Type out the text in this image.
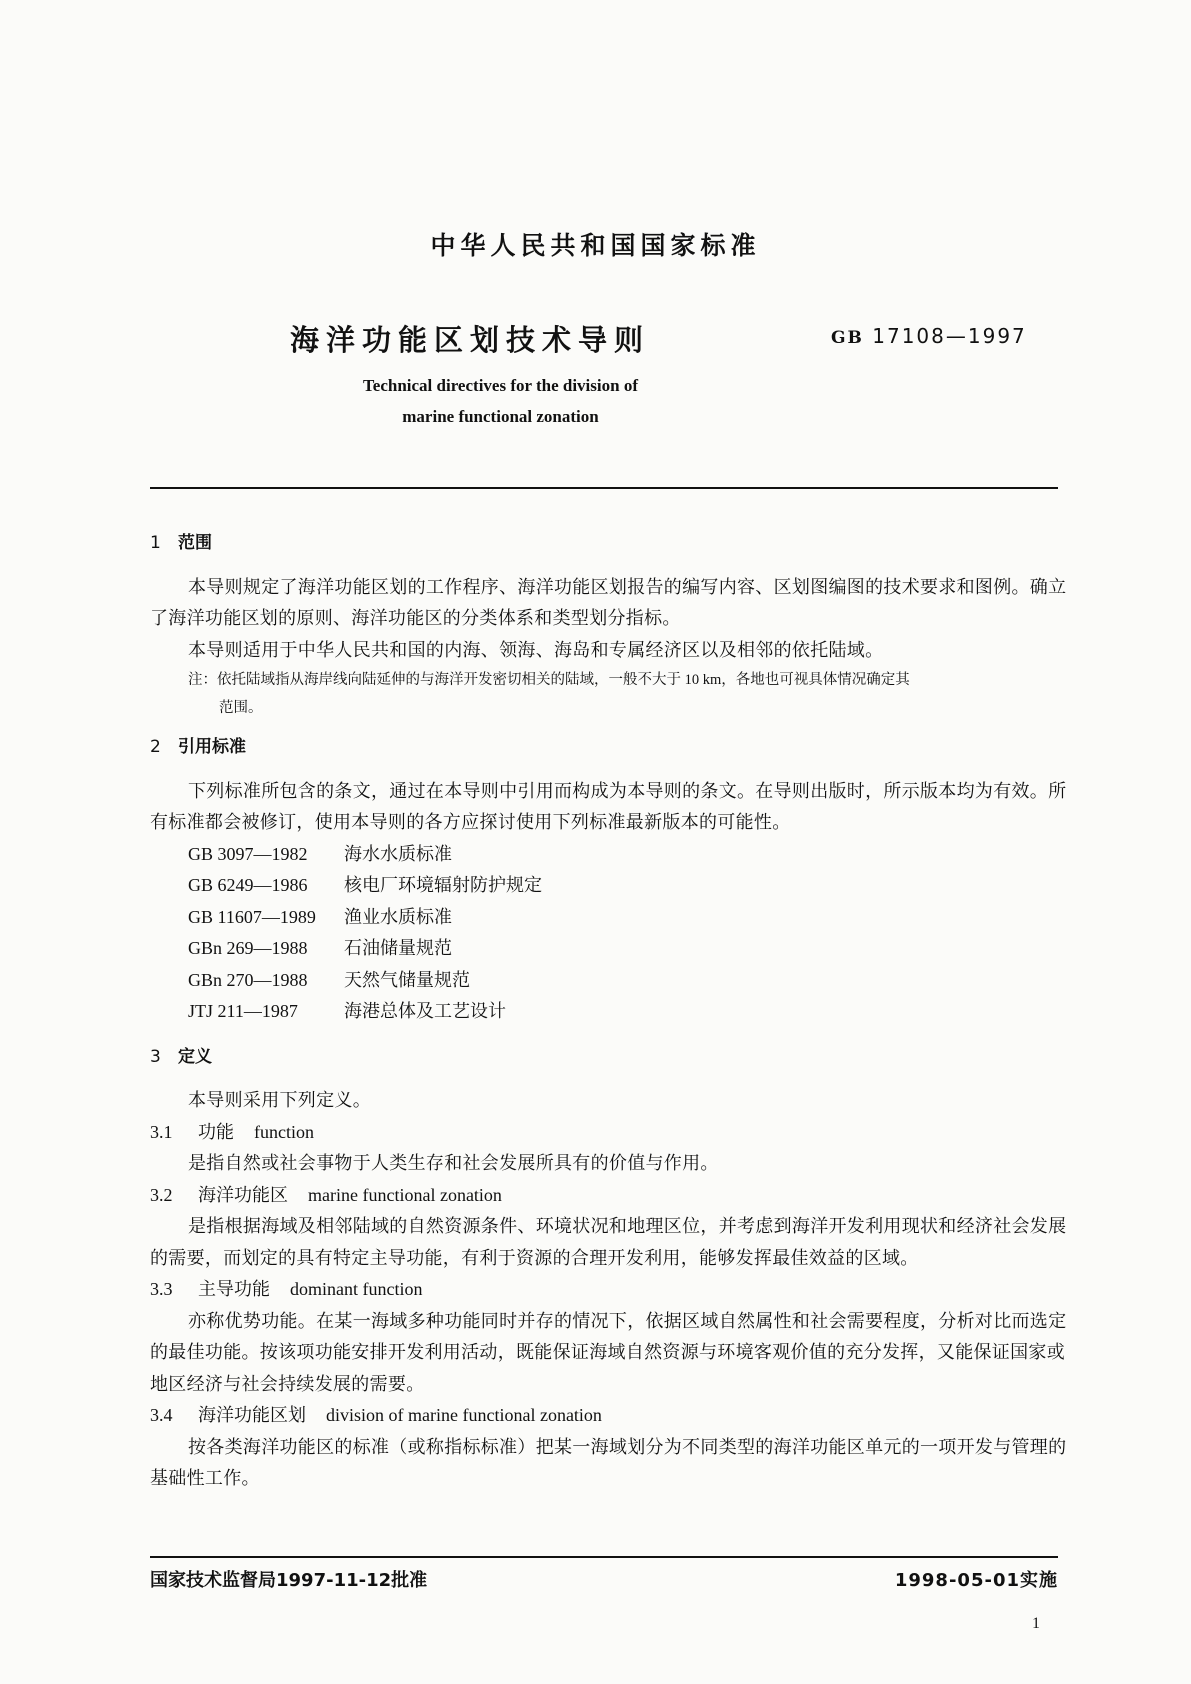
中华人民共和国国家标准
海洋功能区划技术导则	GB 17108—1997
Technical directives for the division of
marine functional zonation
1 范围

本导则规定了海洋功能区划的工作程序、海洋功能区划报告的编写内容、区划图编图的技术要求和图例。确立了海洋功能区划的原则、海洋功能区的分类体系和类型划分指标。

本导则适用于中华人民共和国的内海、领海、海岛和专属经济区以及相邻的依托陆域。

注：依托陆域指从海岸线向陆延伸的与海洋开发密切相关的陆域，一般不大于 10 km，各地也可视具体情况确定其

范围。

2 引用标准

下列标准所包含的条文，通过在本导则中引用而构成为本导则的条文。在导则出版时，所示版本均为有效。所有标准都会被修订，使用本导则的各方应探讨使用下列标准最新版本的可能性。

GB 3097—1982 海水水质标准
GB 6249—1986 核电厂环境辐射防护规定
GB 11607—1989 渔业水质标准
GBn 269—1988 石油储量规范
GBn 270—1988 天然气储量规范
JTJ 211—1987	海港总体及工艺设计
3 定义

本导则采用下列定义。

3.1 功能 function

是指自然或社会事物于人类生存和社会发展所具有的价值与作用。

3.2 海洋功能区 marine functional zonation

是指根据海域及相邻陆域的自然资源条件、环境状况和地理区位，并考虑到海洋开发利用现状和经济社会发展的需要，而划定的具有特定主导功能，有利于资源的合理开发利用，能够发挥最佳效益的区域。

3.3 主导功能 dominant function

亦称优势功能。在某一海域多种功能同时并存的情况下，依据区域自然属性和社会需要程度，分析对比而选定的最佳功能。按该项功能安排开发利用活动，既能保证海域自然资源与环境客观价值的充分发挥，又能保证国家或地区经济与社会持续发展的需要。

3.4 海洋功能区划 division of marine functional zonation

按各类海洋功能区的标准（或称指标标准）把某一海域划分为不同类型的海洋功能区单元的一项开发与管理的基础性工作。

国家技术监督局1997-11-12批准	1998-05-01实施
1
